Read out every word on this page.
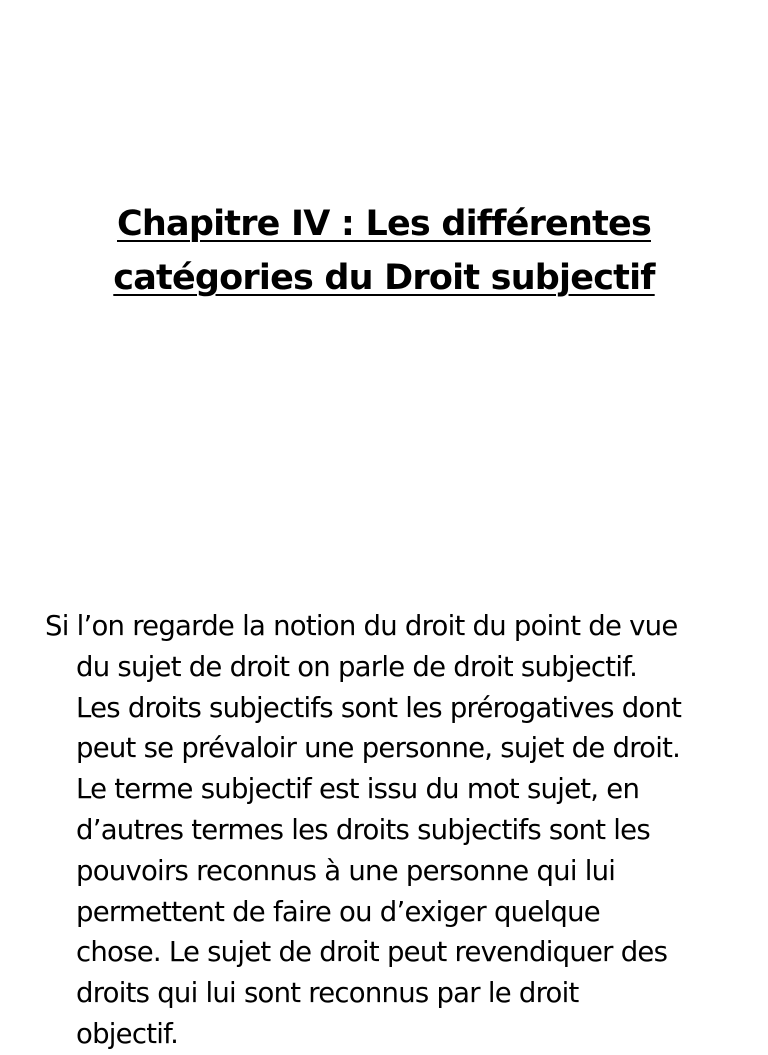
Chapitre IV : Les différentes
catégories du Droit subjectif
Si l’on regarde la notion du droit du point de vue
du sujet de droit on parle de droit subjectif.
Les droits subjectifs sont les prérogatives dont
peut se prévaloir une personne, sujet de droit.
Le terme subjectif est issu du mot sujet, en
d’autres termes les droits subjectifs sont les
pouvoirs reconnus à une personne qui lui
permettent de faire ou d’exiger quelque
chose. Le sujet de droit peut revendiquer des
droits qui lui sont reconnus par le droit
objectif.
